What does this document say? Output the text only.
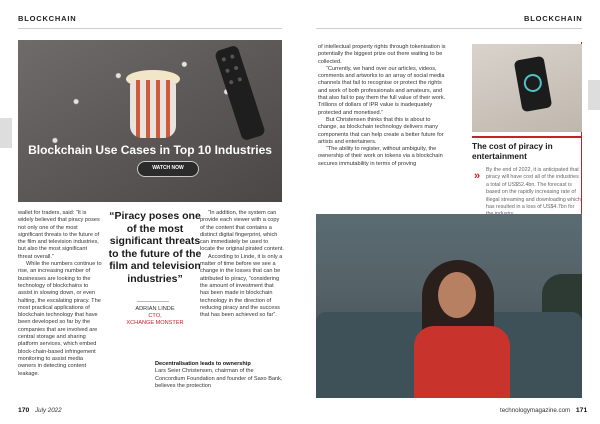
BLOCKCHAIN	BLOCKCHAIN
Blockchain Use Cases in Top 10 Industries
WATCH NOW

wallet for traders, said: “It is widely believed that piracy poses not only one of the most significant threats to the future of the film and television industries, but also the most significant threat overall.”

While the numbers continue to rise, an increasing number of businesses are looking to the technology of blockchains to assist in slowing down, or even halting, the escalating piracy. The most practical applications of blockchain technology that have been developed so far by the companies that are involved are central storage and sharing platform services, which embed block-chain-based infringement monitoring to assist media owners in detecting content leakage.

“Piracy poses one of the most significant threats to the future of the film and television industries”
ADRIAN LINDE
CTO,
XCHANGE MONSTER

“In addition, the system can provide each viewer with a copy of the content that contains a distinct digital fingerprint, which can immediately be used to locate the original pirated content.

According to Linde, it is only a matter of time before we see a change in the losses that can be attributed to piracy, “considering the amount of investment that has been made in blockchain technology in the direction of reducing piracy and the success that has been achieved so far”.

Decentralisation leads to ownership

Lars Seier Christensen, chairman of the Concordium Foundation and founder of Saxo Bank, believes the protection

of intellectual property rights through tokenisation is potentially the biggest prize out there waiting to be collected.

“Currently, we hand over our articles, videos, comments and artworks to an array of social media channels that fail to recognise or protect the rights and work of both professionals and amateurs, and that also fail to pay them the full value of their work. Trillions of dollars of IPR value is inadequately protected and monetised.”

But Christensen thinks that this is about to change, as blockchain technology delivers many components that can help create a better future for artists and entertainers.

“The ability to register, without ambiguity, the ownership of their work on tokens via a blockchain secures immutability in terms of proving

The cost of piracy in entertainment
» By the end of 2022, it is anticipated that piracy will have cost all of the industries a total of US$52.4bn. The forecast is based on the rapidly increasing rate of illegal streaming and downloading which has resulted in a loss of US$4.7bn for
170 July 2022	technologymagazine.com 171
